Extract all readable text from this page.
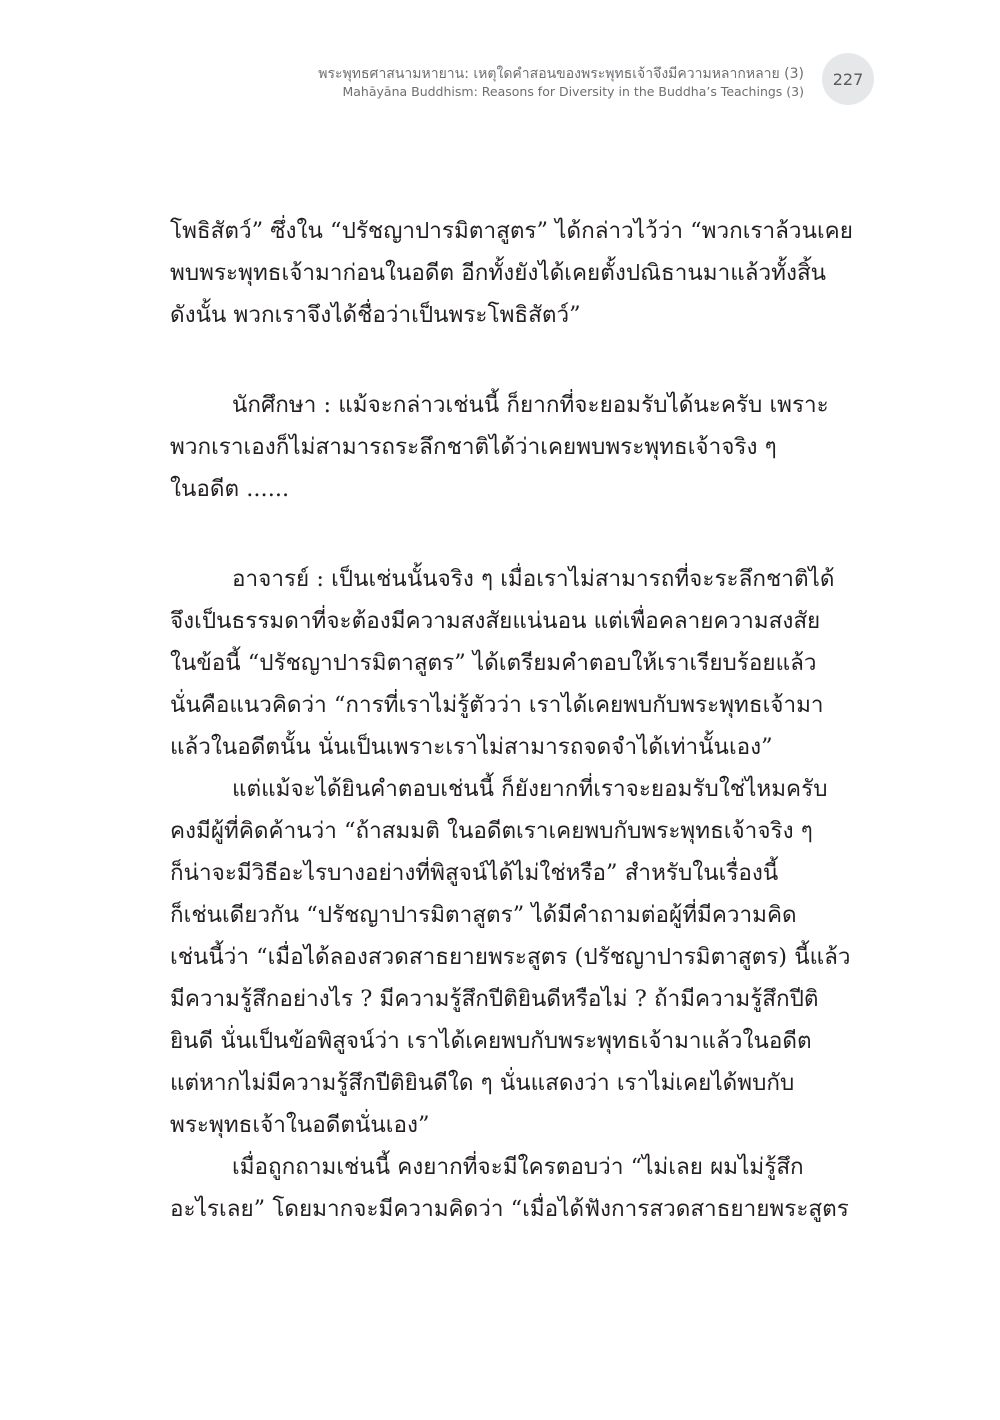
พระพุทธศาสนามหายาน: เหตุใดคำสอนของพระพุทธเจ้าจึงมีความหลากหลาย (3)
Mahāyāna Buddhism: Reasons for Diversity in the Buddha’s Teachings (3)
227
โพธิสัตว์” ซึ่งใน “ปรัชญาปารมิตาสูตร” ได้กล่าวไว้ว่า “พวกเราล้วนเคย
พบพระพุทธเจ้ามาก่อนในอดีต อีกทั้งยังได้เคยตั้งปณิธานมาแล้วทั้งสิ้น
ดังนั้น พวกเราจึงได้ชื่อว่าเป็นพระโพธิสัตว์”
นักศึกษา : แม้จะกล่าวเช่นนี้ ก็ยากที่จะยอมรับได้นะครับ เพราะ
พวกเราเองก็ไม่สามารถระลึกชาติได้ว่าเคยพบพระพุทธเจ้าจริง ๆ
ในอดีต ......
อาจารย์ : เป็นเช่นนั้นจริง ๆ เมื่อเราไม่สามารถที่จะระลึกชาติได้
จึงเป็นธรรมดาที่จะต้องมีความสงสัยแน่นอน แต่เพื่อคลายความสงสัย
ในข้อนี้ “ปรัชญาปารมิตาสูตร” ได้เตรียมคำตอบให้เราเรียบร้อยแล้ว
นั่นคือแนวคิดว่า “การที่เราไม่รู้ตัวว่า เราได้เคยพบกับพระพุทธเจ้ามา
แล้วในอดีตนั้น นั่นเป็นเพราะเราไม่สามารถจดจำได้เท่านั้นเอง”
แต่แม้จะได้ยินคำตอบเช่นนี้ ก็ยังยากที่เราจะยอมรับใช่ไหมครับ
คงมีผู้ที่คิดค้านว่า “ถ้าสมมติ ในอดีตเราเคยพบกับพระพุทธเจ้าจริง ๆ
ก็น่าจะมีวิธีอะไรบางอย่างที่พิสูจน์ได้ไม่ใช่หรือ” สำหรับในเรื่องนี้
ก็เช่นเดียวกัน “ปรัชญาปารมิตาสูตร” ได้มีคำถามต่อผู้ที่มีความคิด
เช่นนี้ว่า “เมื่อได้ลองสวดสาธยายพระสูตร (ปรัชญาปารมิตาสูตร) นี้แล้ว
มีความรู้สึกอย่างไร ? มีความรู้สึกปีติยินดีหรือไม่ ? ถ้ามีความรู้สึกปีติ
ยินดี นั่นเป็นข้อพิสูจน์ว่า เราได้เคยพบกับพระพุทธเจ้ามาแล้วในอดีต
แต่หากไม่มีความรู้สึกปีติยินดีใด ๆ นั่นแสดงว่า เราไม่เคยได้พบกับ
พระพุทธเจ้าในอดีตนั่นเอง”
เมื่อถูกถามเช่นนี้ คงยากที่จะมีใครตอบว่า “ไม่เลย ผมไม่รู้สึก
อะไรเลย” โดยมากจะมีความคิดว่า “เมื่อได้ฟังการสวดสาธยายพระสูตร
